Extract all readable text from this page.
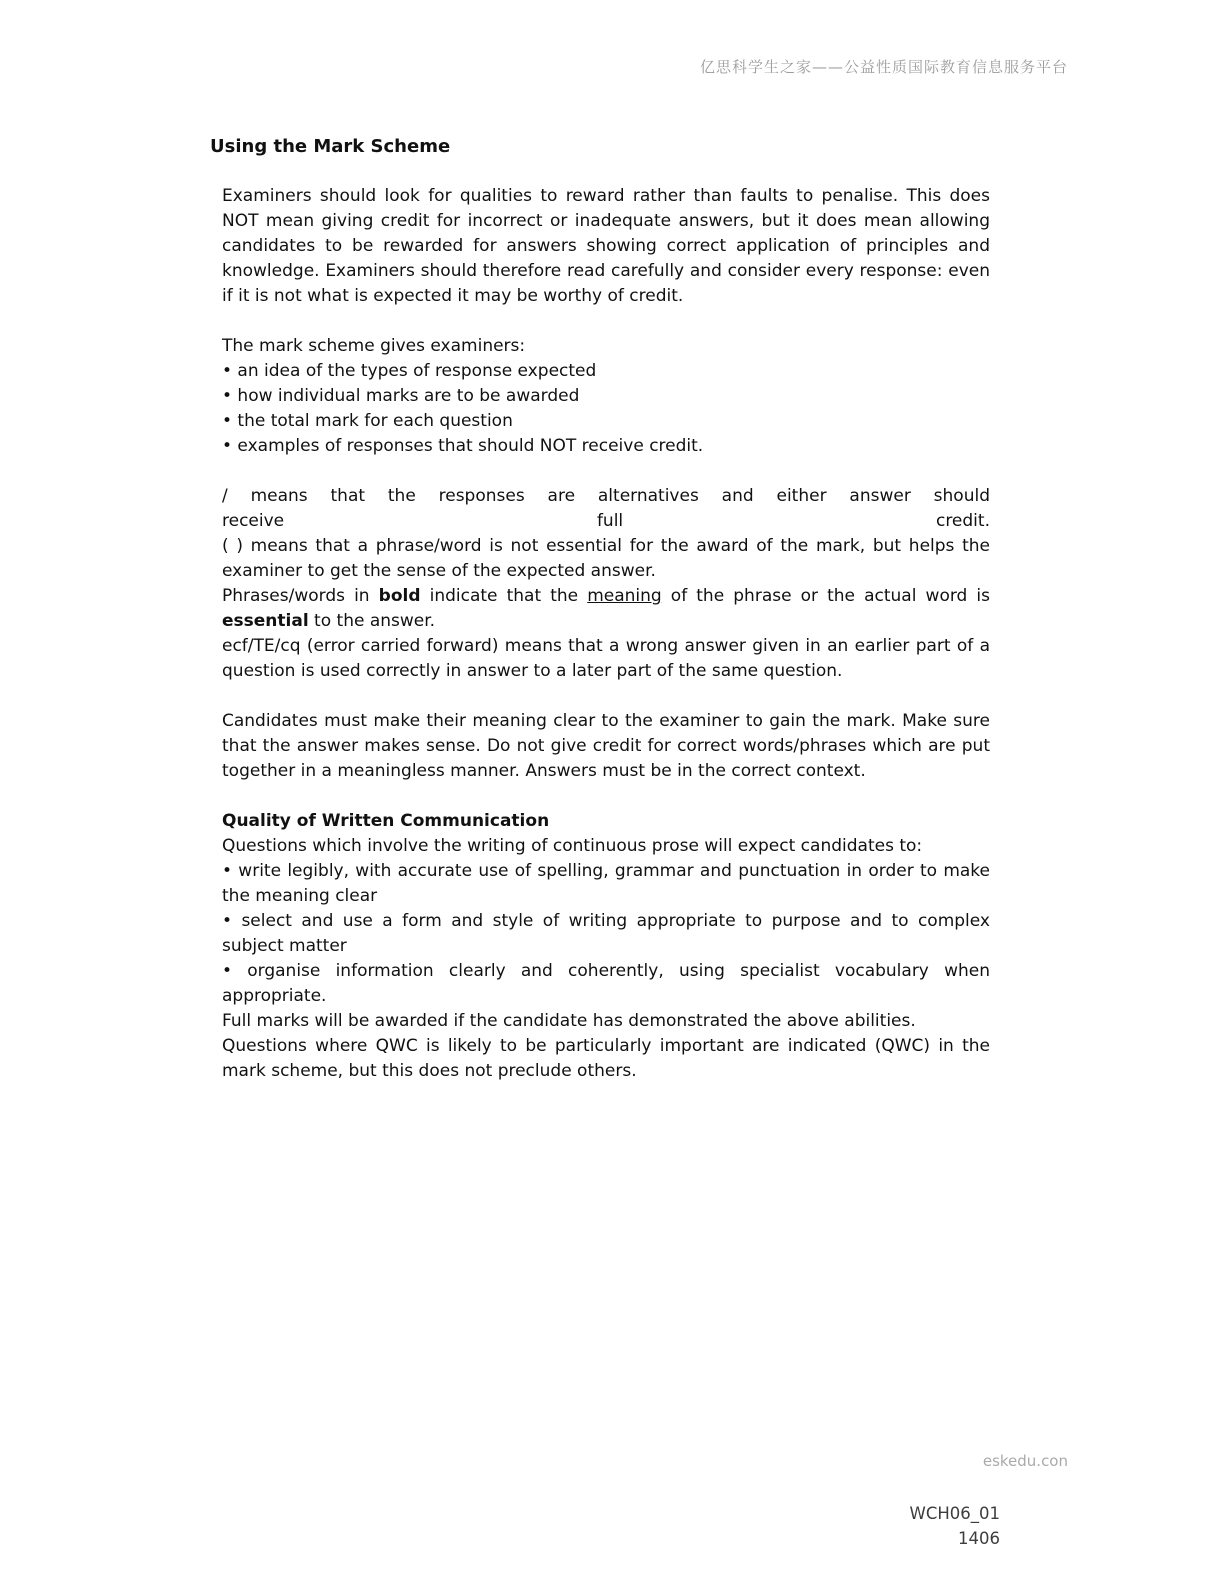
亿思科学生之家——公益性质国际教育信息服务平台
Using the Mark Scheme
Examiners should look for qualities to reward rather than faults to penalise. This does NOT mean giving credit for incorrect or inadequate answers, but it does mean allowing candidates to be rewarded for answers showing correct application of principles and knowledge. Examiners should therefore read carefully and consider every response: even if it is not what is expected it may be worthy of credit.
The mark scheme gives examiners:
• an idea of the types of response expected
• how individual marks are to be awarded
• the total mark for each question
• examples of responses that should NOT receive credit.
/ means that the responses are alternatives and either answer should
receive	full	credit.
( ) means that a phrase/word is not essential for the award of the mark, but helps the examiner to get the sense of the expected answer.
Phrases/words in bold indicate that the meaning of the phrase or the actual word is essential to the answer.
ecf/TE/cq (error carried forward) means that a wrong answer given in an earlier part of a question is used correctly in answer to a later part of the same question.
Candidates must make their meaning clear to the examiner to gain the mark. Make sure that the answer makes sense. Do not give credit for correct words/phrases which are put together in a meaningless manner. Answers must be in the correct context.
Quality of Written Communication
Questions which involve the writing of continuous prose will expect candidates to:
• write legibly, with accurate use of spelling, grammar and punctuation in order to make the meaning clear
• select and use a form and style of writing appropriate to purpose and to complex subject matter
• organise information clearly and coherently, using specialist vocabulary when appropriate.
Full marks will be awarded if the candidate has demonstrated the above abilities.
Questions where QWC is likely to be particularly important are indicated (QWC) in the mark scheme, but this does not preclude others.
eskedu.con
WCH06_01
1406
